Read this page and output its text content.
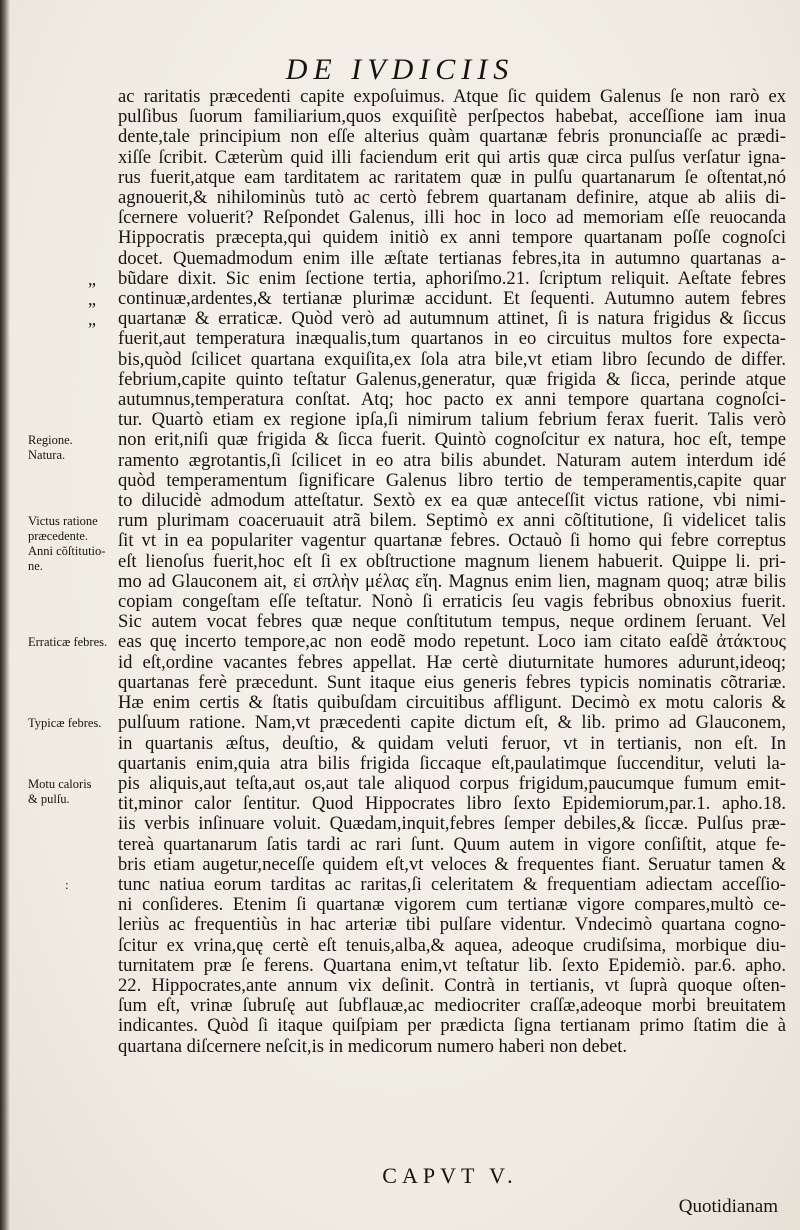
DE IVDICIIS
Regione.
Natura.
Victus ratione
præcedente.
Anni cõſtitutio-
ne.
Erraticæ febres.
Typicæ febres.
Motu caloris
& pulſu.
:
ac raritatis præcedenti capite expoſuimus. Atque ſic quidem Galenus ſe non rarò ex
pulſibus ſuorum familiarium,quos exquiſitè perſpectos habebat, acceſſione iam inua
dente,tale principium non eſſe alterius quàm quartanæ febris pronunciaſſe ac prædi-
xiſſe ſcribit. Cæterùm quid illi faciendum erit qui artis quæ circa pulſus verſatur igna-
rus fuerit,atque eam tarditatem ac raritatem quæ in pulſu quartanarum ſe oſtentat,nó
agnouerit,& nihilominùs tutò ac certò febrem quartanam definire, atque ab aliis di-
ſcernere voluerit? Reſpondet Galenus, illi hoc in loco ad memoriam eſſe reuocanda
Hippocratis præcepta,qui quidem initiò ex anni tempore quartanam poſſe cognoſci
docet. Quemadmodum enim ille æſtate tertianas febres,ita in autumno quartanas a-
„ bũdare dixit. Sic enim ſectione tertia, aphoriſmo.21. ſcriptum reliquit. Aeſtate febres
„ continuæ,ardentes,& tertianæ plurimæ accidunt. Et ſequenti. Autumno autem febres
„ quartanæ & erraticæ. Quòd verò ad autumnum attinet, ſi is natura frigidus & ſiccus
fuerit,aut temperatura inæqualis,tum quartanos in eo circuitus multos fore expecta-
bis,quòd ſcilicet quartana exquiſita,ex ſola atra bile,vt etiam libro ſecundo de differ.
febrium,capite quinto teſtatur Galenus,generatur, quæ frigida & ſicca, perinde atque
autumnus,temperatura conſtat. Atq; hoc pacto ex anni tempore quartana cognoſci-
tur. Quartò etiam ex regione ipſa,ſi nimirum talium febrium ferax fuerit. Talis verò
non erit,niſi quæ frigida & ſicca fuerit. Quintò cognoſcitur ex natura, hoc eſt, tempe
ramento ægrotantis,ſi ſcilicet in eo atra bilis abundet. Naturam autem interdum idé
quòd temperamentum ſignificare Galenus libro tertio de temperamentis,capite quar
to dilucidè admodum atteſtatur. Sextò ex ea quæ anteceſſit victus ratione, vbi nimi-
rum plurimam coaceruauit atrã bilem. Septimò ex anni cõſtitutione, ſi videlicet talis
ſit vt in ea populariter vagentur quartanæ febres. Octauò ſi homo qui febre correptus
eſt lienoſus fuerit,hoc eſt ſi ex obſtructione magnum lienem habuerit. Quippe li. pri-
mo ad Glauconem ait, εἰ σπλὴν μέλας εἴη. Magnus enim lien, magnam quoq; atræ bilis
copiam congeſtam eſſe teſtatur. Nonò ſi erraticis ſeu vagis febribus obnoxius fuerit.
Sic autem vocat febres quæ neque conſtitutum tempus, neque ordinem ſeruant. Vel
eas quę incerto tempore,ac non eodẽ modo repetunt. Loco iam citato eaſdẽ ἀτάκτους
id eſt,ordine vacantes febres appellat. Hæ certè diuturnitate humores adurunt,ideoq;
quartanas ferè præcedunt. Sunt itaque eius generis febres typicis nominatis cõtrariæ.
Hæ enim certis & ſtatis quibuſdam circuitibus affligunt. Decimò ex motu caloris &
pulſuum ratione. Nam,vt præcedenti capite dictum eſt, & lib. primo ad Glauconem,
in quartanis æſtus, deuſtio, & quidam veluti feruor, vt in tertianis, non eſt. In
quartanis enim,quia atra bilis frigida ſiccaque eſt,paulatimque ſuccenditur, veluti la-
pis aliquis,aut teſta,aut os,aut tale aliquod corpus frigidum,paucumque fumum emit-
tit,minor calor ſentitur. Quod Hippocrates libro ſexto Epidemiorum,par.1. apho.18.
iis verbis inſinuare voluit. Quædam,inquit,febres ſemper debiles,& ſiccæ. Pulſus præ-
tereà quartanarum ſatis tardi ac rari ſunt. Quum autem in vigore conſiſtit, atque fe-
bris etiam augetur,neceſſe quidem eſt,vt veloces & frequentes fiant. Seruatur tamen &
tunc natiua eorum tarditas ac raritas,ſi celeritatem & frequentiam adiectam acceſſio-
ni conſideres. Etenim ſi quartanæ vigorem cum tertianæ vigore compares,multò ce-
leriùs ac frequentiùs in hac arteriæ tibi pulſare videntur. Vndecimò quartana cogno-
ſcitur ex vrina,quę certè eſt tenuis,alba,& aquea, adeoque crudiſsima, morbique diu-
turnitatem præ ſe ferens. Quartana enim,vt teſtatur lib. ſexto Epidemiò. par.6. apho.
22. Hippocrates,ante annum vix deſinit. Contrà in tertianis, vt ſuprà quoque oſten-
ſum eſt, vrinæ ſubruſę aut ſubflauæ,ac mediocriter craſſæ,adeoque morbi breuitatem
indicantes. Quòd ſi itaque quiſpiam per prædicta ſigna tertianam primo ſtatim die à
quartana diſcernere neſcit,is in medicorum numero haberi non debet.
CAPVT V.
Quotidianam
